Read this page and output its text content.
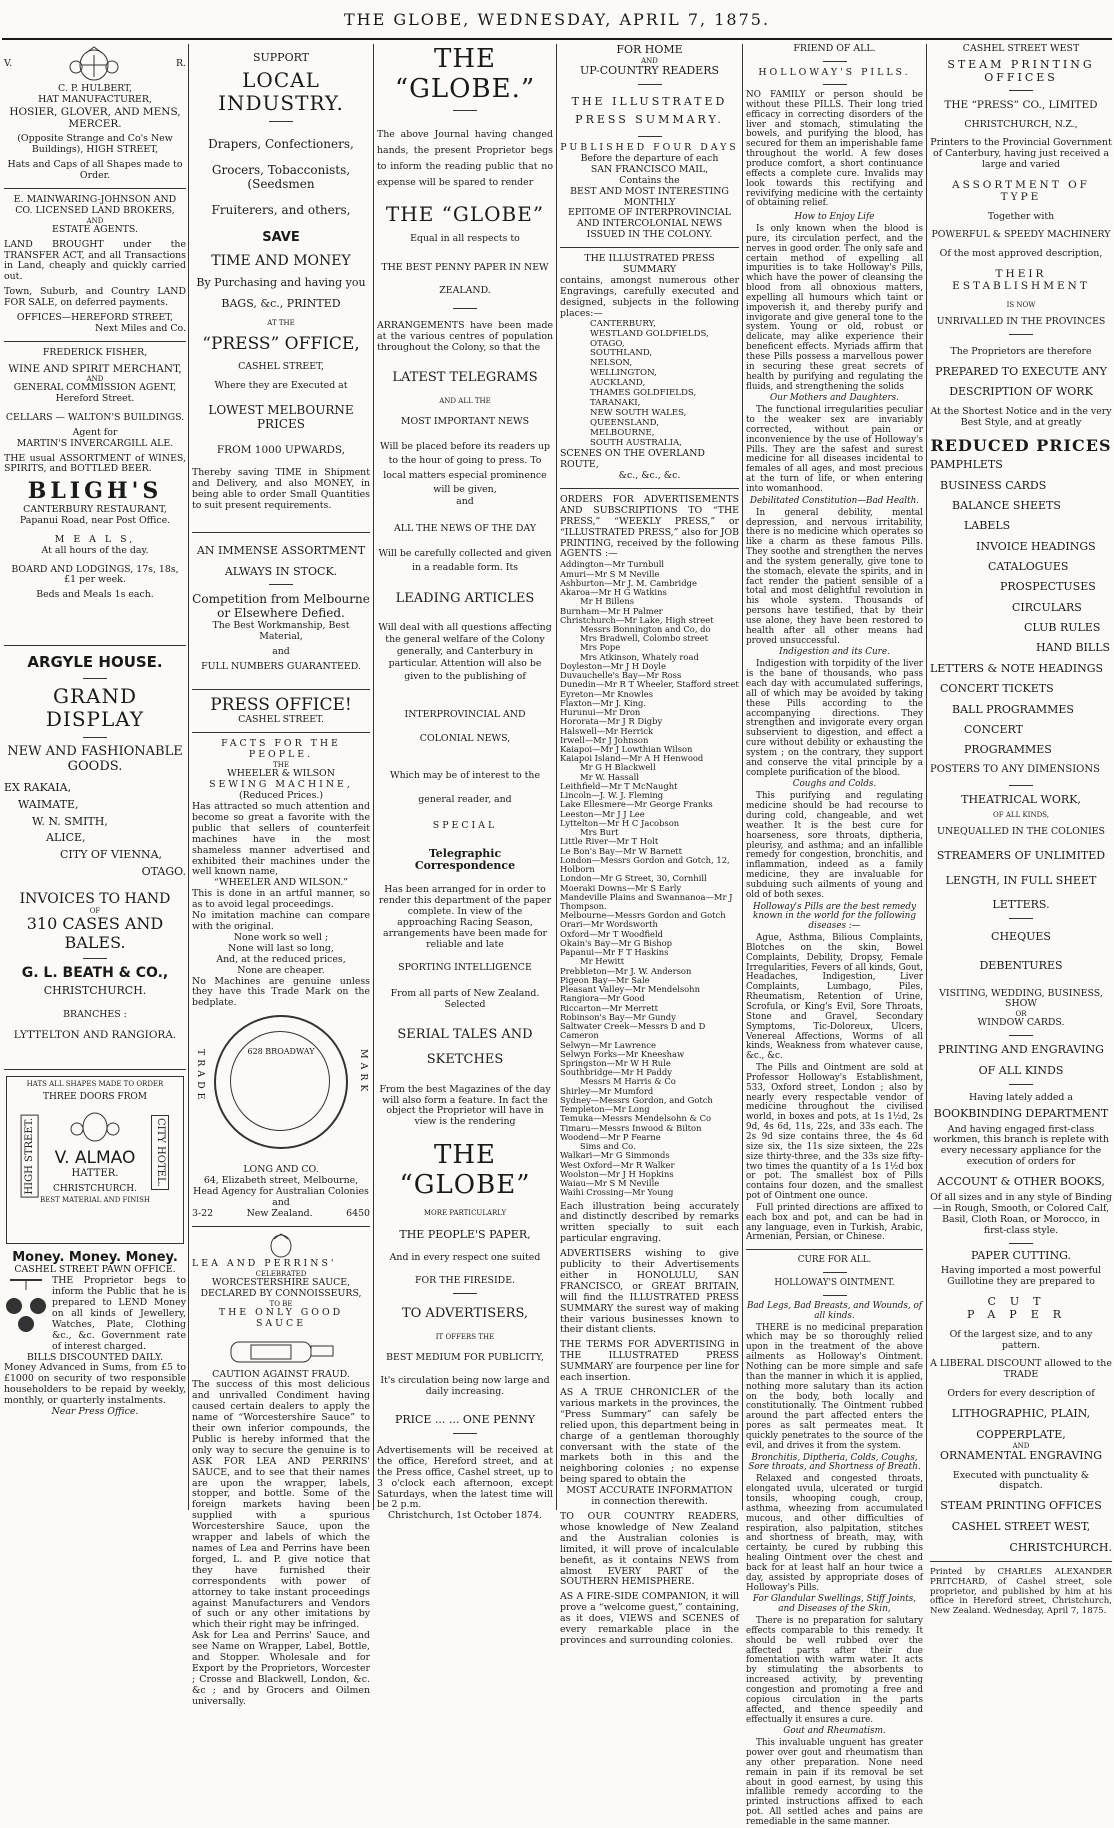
THE GLOBE, WEDNESDAY, APRIL 7, 1875.
V.	R.
C. P. HULBERT,
HAT MANUFACTURER,
HOSIER, GLOVER, AND MENS, MERCER.
(Opposite Strange and Co's New Buildings), HIGH STREET,
Hats and Caps of all Shapes made to Order.
E. MAINWARING-JOHNSON AND CO. LICENSED LAND BROKERS,
AND
ESTATE AGENTS.
LAND BROUGHT under the TRANSFER ACT, and all Transactions in Land, cheaply and quickly carried out.
Town, Suburb, and Country LAND FOR SALE, on deferred payments.
OFFICES—HEREFORD STREET,
Next Miles and Co.
FREDERICK FISHER,
WINE AND SPIRIT MERCHANT,
AND
GENERAL COMMISSION AGENT,
Hereford Street.
CELLARS — WALTON'S BUILDINGS.
Agent for
MARTIN'S INVERCARGILL ALE.
THE usual ASSORTMENT of WINES, SPIRITS, and BOTTLED BEER.
BLIGH'S
CANTERBURY RESTAURANT,
Papanui Road, near Post Office.
M E A L S,
At all hours of the day.
BOARD AND LODGINGS, 17s, 18s, £1 per week.
Beds and Meals 1s each.
ARGYLE HOUSE.
GRAND DISPLAY
NEW AND FASHIONABLE GOODS.
EX RAKAIA,
WAIMATE,
W. N. SMITH,
ALICE,
CITY OF VIENNA,
OTAGO.
INVOICES TO HAND
OF
310 CASES AND BALES.
G. L. BEATH & CO.,
CHRISTCHURCH.
BRANCHES :
LYTTELTON AND RANGIORA.
HATS ALL SHAPES MADE TO ORDER
THREE DOORS FROM
HIGH STREET.	CITY HOTEL.
V. ALMAO
HATTER.
CHRISTCHURCH.
BEST MATERIAL AND FINISH
Money. Money. Money.
CASHEL STREET PAWN OFFICE.
THE Proprietor begs to inform the Public that he is prepared to LEND Money on all kinds of Jewellery, Watches, Plate, Clothing &c., &c. Government rate of interest charged.
BILLS DISCOUNTED DAILY.
Money Advanced in Sums, from £5 to £1000 on security of two responsible householders to be repaid by weekly, monthly, or quarterly instalments.
Near Press Office.
SUPPORT
LOCAL INDUSTRY.
Drapers, Confectioners,
Grocers, Tobacconists, (Seedsmen
Fruiterers, and others,
SAVE
TIME AND MONEY
By Purchasing and having you
BAGS, &c., PRINTED
AT THE
“PRESS” OFFICE,
CASHEL STREET,
Where they are Executed at
LOWEST MELBOURNE PRICES
FROM 1000 UPWARDS,
Thereby saving TIME in Shipment and Delivery, and also MONEY, in being able to order Small Quantities to suit present requirements.
AN IMMENSE ASSORTMENT
ALWAYS IN STOCK.
Competition from Melbourne or Elsewhere Defied.
The Best Workmanship, Best Material,
and
FULL NUMBERS GUARANTEED.
PRESS OFFICE!
CASHEL STREET.
FACTS FOR THE PEOPLE.
THE
WHEELER & WILSON
SEWING MACHINE,
(Reduced Prices.)
Has attracted so much attention and become so great a favorite with the public that sellers of counterfeit machines have in the most shameless manner advertised and exhibited their machines under the well known name,
“WHEELER AND WILSON.”
This is done in an artful manner, so as to avoid legal proceedings.
No imitation machine can compare with the original.
None work so well ;
None will last so long,
And, at the reduced prices,
None are cheaper.
No Machines are genuine unless they have this Trade Mark on the bedplate.
TRADE	MARK
628 BROADWAY
LONG AND CO.
64, Elizabeth street, Melbourne,
Head Agency for Australian Colonies and
3-22	New Zealand.	6450
LEA AND PERRINS'
CELEBRATED
WORCESTERSHIRE SAUCE,
DECLARED BY CONNOISSEURS,
TO BE
THE ONLY GOOD SAUCE
CAUTION AGAINST FRAUD.
The success of this most delicious and unrivalled Condiment having caused certain dealers to apply the name of “Worcestershire Sauce” to their own inferior compounds, the Public is hereby informed that the only way to secure the genuine is to ASK FOR LEA AND PERRINS' SAUCE, and to see that their names are upon the wrapper, labels, stopper, and bottle. Some of the foreign markets having been supplied with a spurious Worcestershire Sauce, upon the wrapper and labels of which the names of Lea and Perrins have been forged, L. and P. give notice that they have furnished their correspondents with power of attorney to take instant proceedings against Manufacturers and Vendors of such or any other imitations by which their right may be infringed.
Ask for Lea and Perrins' Sauce, and see Name on Wrapper, Label, Bottle, and Stopper. Wholesale and for Export by the Proprietors, Worcester ; Crosse and Blackwell, London, &c. &c ; and by Grocers and Oilmen universally.
THE “GLOBE.”
The above Journal having changed hands, the present Proprietor begs to inform the reading public that no expense will be spared to render
THE “GLOBE”
Equal in all respects to
THE BEST PENNY PAPER IN NEW ZEALAND.
ARRANGEMENTS have been made at the various centres of population throughout the Colony, so that the
LATEST TELEGRAMS
AND ALL THE
MOST IMPORTANT NEWS
Will be placed before its readers up to the hour of going to press. To local matters especial prominence will be given,
and
ALL THE NEWS OF THE DAY
Will be carefully collected and given in a readable form. Its
LEADING ARTICLES
Will deal with all questions affecting the general welfare of the Colony generally, and Canterbury in particular. Attention will also be given to the publishing of
INTERPROVINCIAL AND COLONIAL NEWS,
Which may be of interest to the general reader, and
SPECIAL
Telegraphic Correspondence
Has been arranged for in order to render this department of the paper complete. In view of the approaching Racing Season, arrangements have been made for reliable and late
SPORTING INTELLIGENCE
From all parts of New Zealand. Selected
SERIAL TALES AND SKETCHES
From the best Magazines of the day will also form a feature. In fact the object the Proprietor will have in view is the rendering
THE “GLOBE”
MORE PARTICULARLY
THE PEOPLE'S PAPER,
And in every respect one suited
FOR THE FIRESIDE.
TO ADVERTISERS,
IT OFFERS THE
BEST MEDIUM FOR PUBLICITY,
It's circulation being now large and daily increasing.
PRICE ... ... ONE PENNY
Advertisements will be received at the office, Hereford street, and at the Press office, Cashel street, up to 3 o'clock each afternoon, except Saturdays, when the latest time will be 2 p.m.
Christchurch, 1st October 1874.
FOR HOME
AND
UP-COUNTRY READERS
THE ILLUSTRATED PRESS SUMMARY.
PUBLISHED FOUR DAYS
Before the departure of each
SAN FRANCISCO MAIL,
Contains the
BEST AND MOST INTERESTING MONTHLY
EPITOME OF INTERPROVINCIAL AND INTERCOLONIAL NEWS
ISSUED IN THE COLONY.
THE ILLUSTRATED PRESS SUMMARY
contains, amongst numerous other Engravings, carefully executed and designed, subjects in the following places:—
CANTERBURY,
WESTLAND GOLDFIELDS,
OTAGO,
SOUTHLAND,
NELSON,
WELLINGTON,
AUCKLAND,
THAMES GOLDFIELDS,
TARANAKI,
NEW SOUTH WALES,
QUEENSLAND,
MELBOURNE,
SOUTH AUSTRALIA,
SCENES ON THE OVERLAND ROUTE,
&c., &c., &c.
ORDERS FOR ADVERTISEMENTS AND SUBSCRIPTIONS TO “THE PRESS,” “WEEKLY PRESS,” or “ILLUSTRATED PRESS,” also for JOB PRINTING, received by the following AGENTS :—
Addington—Mr Turnbull
Amuri—Mr S M Neville
Ashburton—Mr J. M. Cambridge
Akaroa—Mr H G Watkins
Mr H Billens
Burnham—Mr H Palmer
Christchurch—Mr Lake, High street
Messrs Bonnington and Co, do
Mrs Bradwell, Colombo street
Mrs Pope
Mrs Atkinson, Whately road
Doyleston—Mr J H Doyle
Duvauchelle's Bay—Mr Ross
Dunedin—Mr R T Wheeler, Stafford street
Eyreton—Mr Knowles
Flaxton—Mr J. King.
Hurunui—Mr Dron
Hororata—Mr J R Digby
Halswell—Mr Herrick
Irwell—Mr J Johnson
Kaiapoi—Mr J Lowthian Wilson
Kaiapoi Island—Mr A H Henwood
Mr G H Blackwell
Mr W. Hassall
Leithfield—Mr T McNaught
Lincoln—J. W. J. Fleming
Lake Ellesmere—Mr George Franks
Leeston—Mr J J Lee
Lyttelton—Mr H C Jacobson
Mrs Burt
Little River—Mr T Holt
Le Bon's Bay—Mr W Barnett
London—Messrs Gordon and Gotch, 12, Holborn
London—Mr G Street, 30, Cornhill
Moeraki Downs—Mr S Early
Mandeville Plains and Swannanoa—Mr J Thompson.
Melbourne—Messrs Gordon and Gotch
Orari—Mr Wordsworth
Oxford—Mr T Woodfield
Okain's Bay—Mr G Bishop
Papanui—Mr F T Haskins
Mr Hewitt
Prebbleton—Mr J. W. Anderson
Pigeon Bay—Mr Sale
Pleasant Valley—Mr Mendelsohn
Rangiora—Mr Good
Riccarton—Mr Merrett
Robinson's Bay—Mr Gundy
Saltwater Creek—Messrs D and D Cameron
Selwyn—Mr Lawrence
Selwyn Forks—Mr Kneeshaw
Springston—Mr W H Rule
Southbridge—Mr H Paddy
Messrs M Harris & Co
Shirley—Mr Mumford
Sydney—Messrs Gordon, and Gotch
Templeton—Mr Long
Temuka—Messrs Mendelsohn & Co
Timaru—Messrs Inwood & Bilton
Woodend—Mr P Fearne
Sims and Co.
Walkari—Mr G Simmonds
West Oxford—Mr R Walker
Woolston—Mr J H Hopkins
Waiau—Mr S M Neville
Waihi Crossing—Mr Young
Each illustration being accurately and distinctly described by remarks written specially to suit each particular engraving.
ADVERTISERS wishing to give publicity to their Advertisements either in HONOLULU, SAN FRANCISCO, or GREAT BRITAIN, will find the ILLUSTRATED PRESS SUMMARY the surest way of making their various businesses known to their distant clients.
THE TERMS FOR ADVERTISING in THE ILLUSTRATED PRESS SUMMARY are fourpence per line for each insertion.
AS A TRUE CHRONICLER of the various markets in the provinces, the “Press Summary” can safely be relied upon, this department being in charge of a gentleman thoroughly conversant with the state of the markets both in this and the neighboring colonies ; no expense being spared to obtain the
MOST ACCURATE INFORMATION
in connection therewith.
TO OUR COUNTRY READERS, whose knowledge of New Zealand and the Australian colonies is limited, it will prove of incalculable benefit, as it contains NEWS from almost EVERY PART of the SOUTHERN HEMISPHERE.
AS A FIRE-SIDE COMPANION, it will prove a “welcome guest,” containing, as it does, VIEWS and SCENES of every remarkable place in the provinces and surrounding colonies.
FRIEND OF ALL.
HOLLOWAY'S PILLS.
NO FAMILY or person should be without these PILLS. Their long tried efficacy in correcting disorders of the liver and stomach, stimulating the bowels, and purifying the blood, has secured for them an imperishable fame throughout the world. A few doses produce comfort, a short continuance effects a complete cure. Invalids may look towards this rectifying and revivifying medicine with the certainty of obtaining relief.
How to Enjoy Life
Is only known when the blood is pure, its circulation perfect, and the nerves in good order. The only safe and certain method of expelling all impurities is to take Holloway's Pills, which have the power of cleansing the blood from all obnoxious matters, expelling all humours which taint or impoverish it, and thereby purify and invigorate and give general tone to the system. Young or old, robust or delicate, may alike experience their beneficent effects. Myriads affirm that these Pills possess a marvellous power in securing these great secrets of health by purifying and regulating the fluids, and strengthening the solids
Our Mothers and Daughters.
The functional irregularities peculiar to the weaker sex are invariably corrected, without pain or inconvenience by the use of Holloway's Pills. They are the safest and surest medicine for all diseases incidental to females of all ages, and most precious at the turn of life, or when entering into womanhood.
Debilitated Constitution—Bad Health.
In general debility, mental depression, and nervous irritability, there is no medicine which operates so like a charm as these famous Pills. They soothe and strengthen the nerves and the system generally, give tone to the stomach, elevate the spirits, and in fact render the patient sensible of a total and most delightful revolution in his whole system. Thousands of persons have testified, that by their use alone, they have been restored to health after all other means had proved unsuccessful.
Indigestion and its Cure.
Indigestion with torpidity of the liver is the bane of thousands, who pass each day with accumulated sufferings, all of which may be avoided by taking these Pills according to the accompanying directions. They strengthen and invigorate every organ subservient to digestion, and effect a cure without debility or exhausting the system ; on the contrary, they support and conserve the vital principle by a complete purification of the blood.
Coughs and Colds.
This purifying and regulating medicine should be had recourse to during cold, changeable, and wet weather. It is the best cure for hoarseness, sore throats, diptheria, pleurisy, and asthma; and an infallible remedy for congestion, bronchitis, and inflammation, indeed as a family medicine, they are invaluable for subduing such ailments of young and old of both sexes.
Holloway's Pills are the best remedy known in the world for the following diseases :—
Ague, Asthma, Bilious Complaints, Blotches on the skin, Bowel Complaints, Debility, Dropsy, Female Irregularities, Fevers of all kinds, Gout, Headaches, Indigestion, Liver Complaints, Lumbago, Piles, Rheumatism, Retention of Urine, Scrofula, or King's Evil, Sore Throats, Stone and Gravel, Secondary Symptoms, Tic-Doloreux, Ulcers, Venereal Affections, Worms of all kinds, Weakness from whatever cause, &c., &c.
The Pills and Ointment are sold at Professor Holloway's Establishment, 533, Oxford street, London ; also by nearly every respectable vendor of medicine throughout the civilised world, in boxes and pots, at 1s 1½d, 2s 9d, 4s 6d, 11s, 22s, and 33s each. The 2s 9d size contains three, the 4s 6d size six, the 11s size sixteen, the 22s size thirty-three, and the 33s size fifty-two times the quantity of a 1s 1½d box or pot. The smallest box of Pills contains four dozen, and the smallest pot of Ointment one ounce.
Full printed directions are affixed to each box and pot, and can be had in any language, even in Turkish, Arabic, Armenian, Persian, or Chinese.
CURE FOR ALL.
HOLLOWAY'S OINTMENT.
Bad Legs, Bad Breasts, and Wounds, of all kinds.
THERE is no medicinal preparation which may be so thoroughly relied upon in the treatment of the above ailments as Holloway's Ointment. Nothing can be more simple and safe than the manner in which it is applied, nothing more salutary than its action on the body, both locally and constitutionally. The Ointment rubbed around the part affected enters the pores as salt permeates meat. It quickly penetrates to the source of the evil, and drives it from the system.
Bronchitis, Diptheria, Colds, Coughs, Sore throats, and Shortness of Breath.
Relaxed and congested throats, elongated uvula, ulcerated or turgid tonsils, whooping cough, croup, asthma, wheezing from accumulated mucous, and other difficulties of respiration, also palpitation, stitches and shortness of breath, may, with certainty, be cured by rubbing this healing Ointment over the chest and back for at least half an hour twice a day, assisted by appropriate doses of Holloway's Pills.
For Glandular Swellings, Stiff Joints, and Diseases of the Skin,
There is no preparation for salutary effects comparable to this remedy. It should be well rubbed over the affected parts after their due fomentation with warm water. It acts by stimulating the absorbents to increased activity, by preventing congestion and promoting a free and copious circulation in the parts affected, and thence speedily and effectually it ensures a cure.
Gout and Rheumatism.
This invaluable unguent has greater power over gout and rheumatism than any other preparation. None need remain in pain if its removal be set about in good earnest, by using this infallible remedy according to the printed instructions affixed to each pot. All settled aches and pains are remediable in the same manner.
CASHEL STREET WEST
STEAM PRINTING OFFICES
THE “PRESS” CO., LIMITED
CHRISTCHURCH, N.Z.,
Printers to the Provincial Government of Canterbury, having just received a large and varied
ASSORTMENT OF TYPE
Together with
POWERFUL & SPEEDY MACHINERY
Of the most approved description,
THEIR ESTABLISHMENT
IS NOW
UNRIVALLED IN THE PROVINCES
The Proprietors are therefore
PREPARED TO EXECUTE ANY
DESCRIPTION OF WORK
At the Shortest Notice and in the very Best Style, and at greatly
REDUCED PRICES
PAMPHLETS
BUSINESS CARDS
BALANCE SHEETS
LABELS
INVOICE HEADINGS
CATALOGUES
PROSPECTUSES
CIRCULARS
CLUB RULES
HAND BILLS
LETTERS & NOTE HEADINGS
CONCERT TICKETS
BALL PROGRAMMES
CONCERT PROGRAMMES
POSTERS TO ANY DIMENSIONS
THEATRICAL WORK,
OF ALL KINDS,
UNEQUALLED IN THE COLONIES
STREAMERS OF UNLIMITED
LENGTH, IN FULL SHEET
LETTERS.
CHEQUES
DEBENTURES
VISITING, WEDDING, BUSINESS, SHOW
OR
WINDOW CARDS.
PRINTING AND ENGRAVING
OF ALL KINDS
Having lately added a
BOOKBINDING DEPARTMENT
And having engaged first-class workmen, this branch is replete with every necessary appliance for the execution of orders for
ACCOUNT & OTHER BOOKS,
Of all sizes and in any style of Binding—in Rough, Smooth, or Colored Calf, Basil, Cloth Roan, or Morocco, in first-class style.
PAPER CUTTING.
Having imported a most powerful Guillotine they are prepared to
CUT PAPER
Of the largest size, and to any pattern.
A LIBERAL DISCOUNT allowed to the TRADE
Orders for every description of
LITHOGRAPHIC, PLAIN,
COPPERPLATE,
AND
ORNAMENTAL ENGRAVING
Executed with punctuality & dispatch.
STEAM PRINTING OFFICES
CASHEL STREET WEST,
CHRISTCHURCH.
Printed by CHARLES ALEXANDER PRITCHARD, of Cashel street, sole proprietor, and published by him at his office in Hereford street, Christchurch, New Zealand. Wednesday, April 7, 1875.
